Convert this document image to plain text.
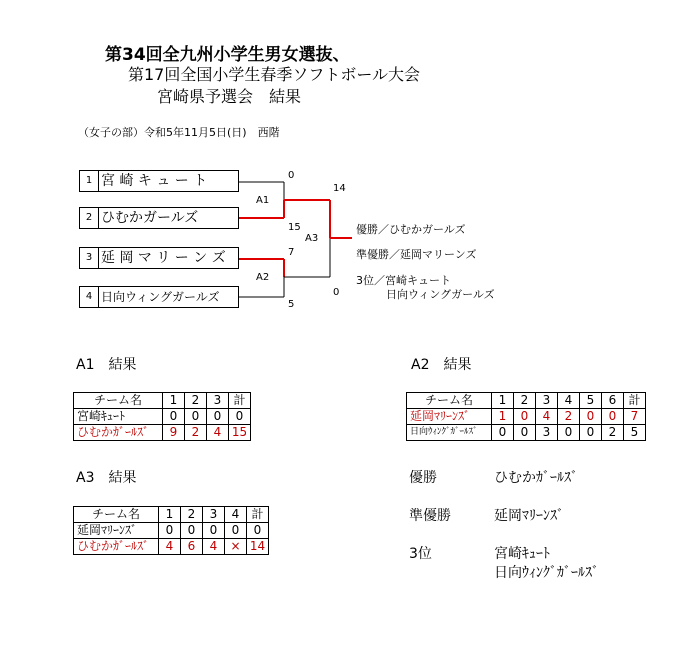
第34回全九州小学生男女選抜、
第17回全国小学生春季ソフトボール大会
宮崎県予選会　結果
（女子の部）令和5年11月5日(日)　西階
1 宮 崎 キ ュ ー ト
2 ひむかガールズ
3 延 岡 マ リ ー ン ズ
4 日向ウィングガールズ
A1
A2
A3
0
15
7
5
14
0
優勝／ひむかガールズ
準優勝／延岡マリーンズ
3位／宮崎キュート
日向ウィングガールズ
A1　結果
チーム名	1	2	3	計
宮崎ｷｭｰﾄ	0	0	0	0
ひむかｶﾞｰﾙｽﾞ	9	2	4	15
A2　結果
チーム名	1	2	3	4	5	6	計
延岡ﾏﾘｰﾝｽﾞ	1	0	4	2	0	0	7
日向ｳｨﾝｸﾞｶﾞｰﾙｽﾞ	0	0	3	0	0	2	5
A3　結果
チーム名	1	2	3	4	計
延岡ﾏﾘｰﾝｽﾞ	0	0	0	0	0
ひむかｶﾞｰﾙｽﾞ	4	6	4	×	14
優勝	ひむかｶﾞｰﾙｽﾞ
準優勝	延岡ﾏﾘｰﾝｽﾞ
3位	宮崎ｷｭｰﾄ
日向ｳｨﾝｸﾞｶﾞｰﾙｽﾞ
